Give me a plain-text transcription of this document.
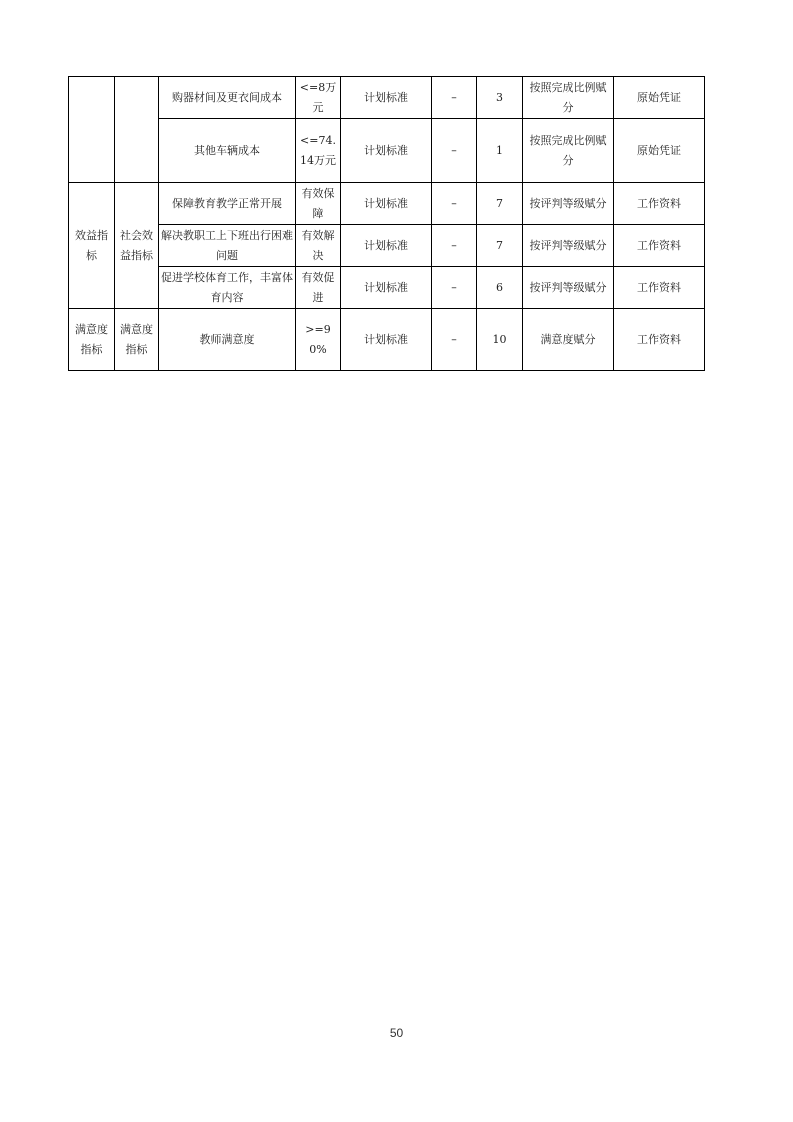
		购器材间及更衣间成本	<=8万元	计划标准	–	3	按照完成比例赋分	原始凭证
		其他车辆成本	<=74.14万元	计划标准	–	1	按照完成比例赋分	原始凭证
效益指标	社会效益指标	保障教育教学正常开展	有效保障	计划标准	–	7	按评判等级赋分	工作资料
		解决教职工上下班出行困难问题	有效解决	计划标准	–	7	按评判等级赋分	工作资料
		促进学校体育工作，丰富体育内容	有效促进	计划标准	–	6	按评判等级赋分	工作资料
满意度指标	满意度指标	教师满意度	>=90%	计划标准	–	10	满意度赋分	工作资料
50
